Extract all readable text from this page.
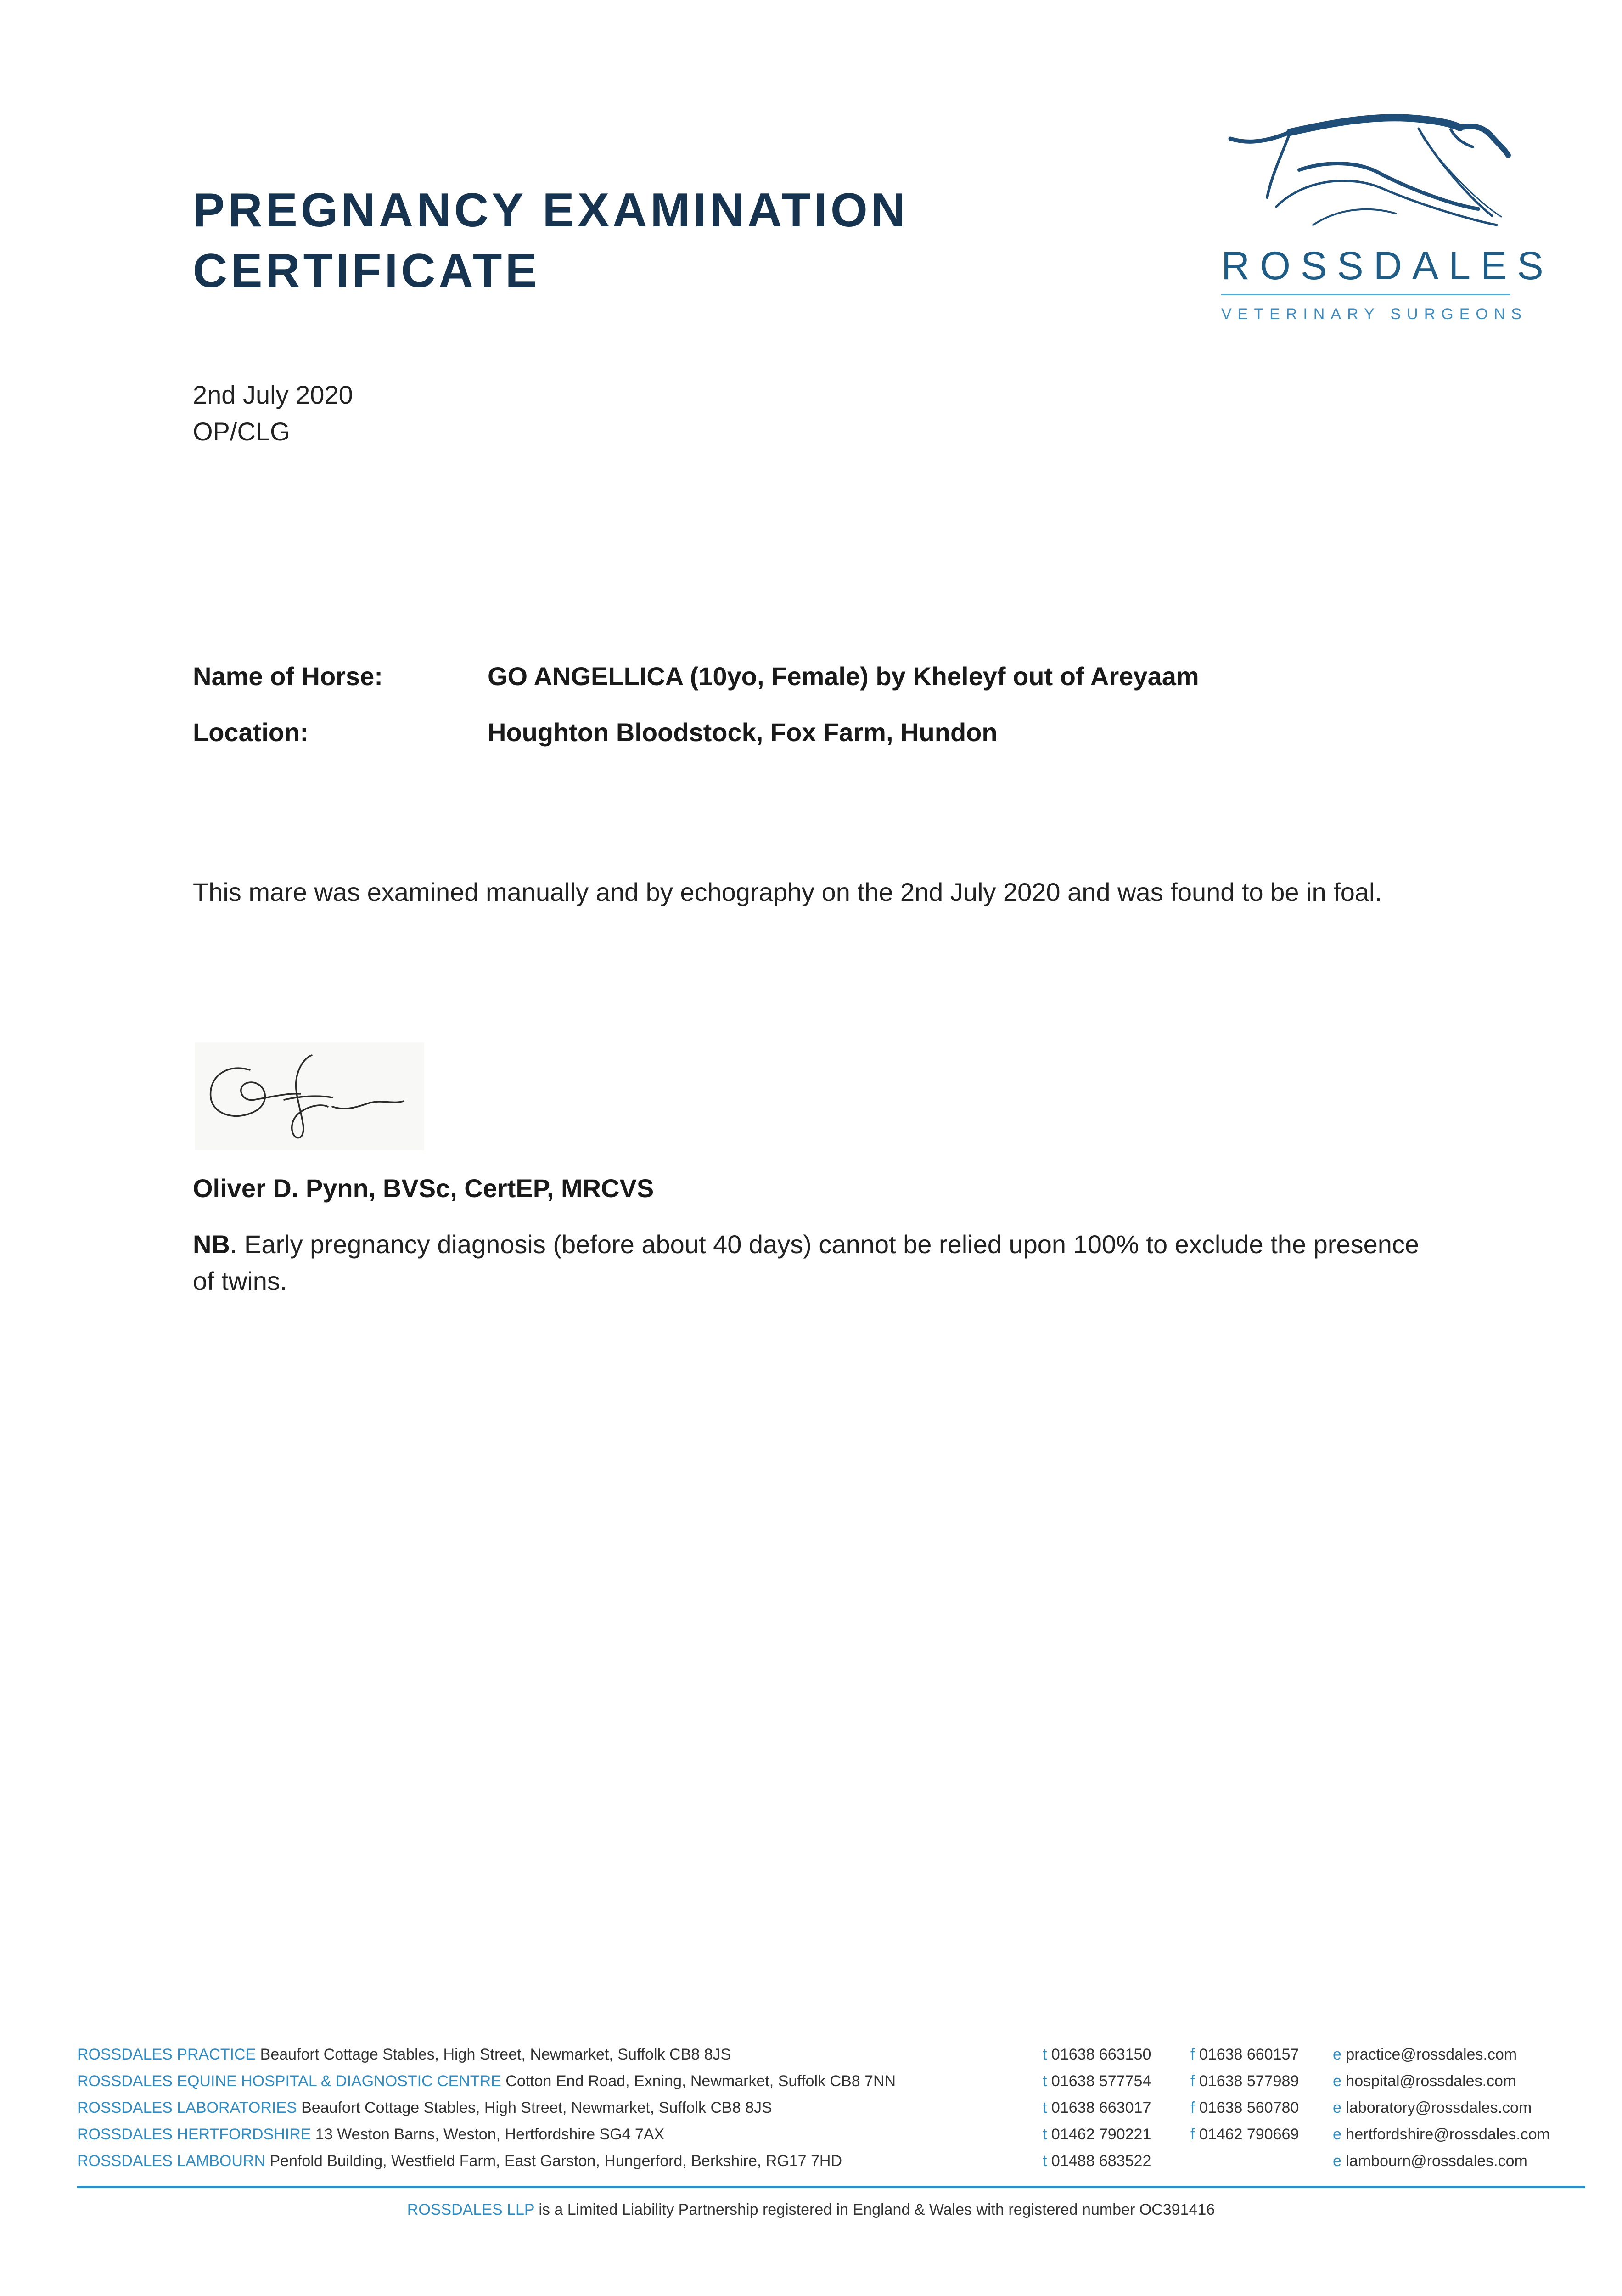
PREGNANCY EXAMINATION
CERTIFICATE	ROSSDALES
VETERINARY SURGEONS
2nd July 2020
OP/CLG
Name of Horse:	GO ANGELLICA (10yo, Female) by Kheleyf out of Areyaam
Location:	Houghton Bloodstock, Fox Farm, Hundon
This mare was examined manually and by echography on the 2nd July 2020 and was found to be in foal.
Oliver D. Pynn, BVSc, CertEP, MRCVS
NB. Early pregnancy diagnosis (before about 40 days) cannot be relied upon 100% to exclude the presence of twins.
ROSSDALES PRACTICE Beaufort Cottage Stables, High Street, Newmarket, Suffolk CB8 8JS	t 01638 663150	f 01638 660157 e practice@rossdales.com
ROSSDALES EQUINE HOSPITAL & DIAGNOSTIC CENTRE Cotton End Road, Exning, Newmarket, Suffolk CB8 7NN	t 01638 577754	f 01638 577989 e hospital@rossdales.com
ROSSDALES LABORATORIES Beaufort Cottage Stables, High Street, Newmarket, Suffolk CB8 8JS	t 01638 663017	f 01638 560780 e laboratory@rossdales.com
ROSSDALES HERTFORDSHIRE 13 Weston Barns, Weston, Hertfordshire SG4 7AX	t 01462 790221	f 01462 790669 e hertfordshire@rossdales.com
ROSSDALES LAMBOURN Penfold Building, Westfield Farm, East Garston, Hungerford, Berkshire, RG17 7HD	t 01488 683522	e lambourn@rossdales.com
ROSSDALES LLP is a Limited Liability Partnership registered in England & Wales with registered number OC391416
